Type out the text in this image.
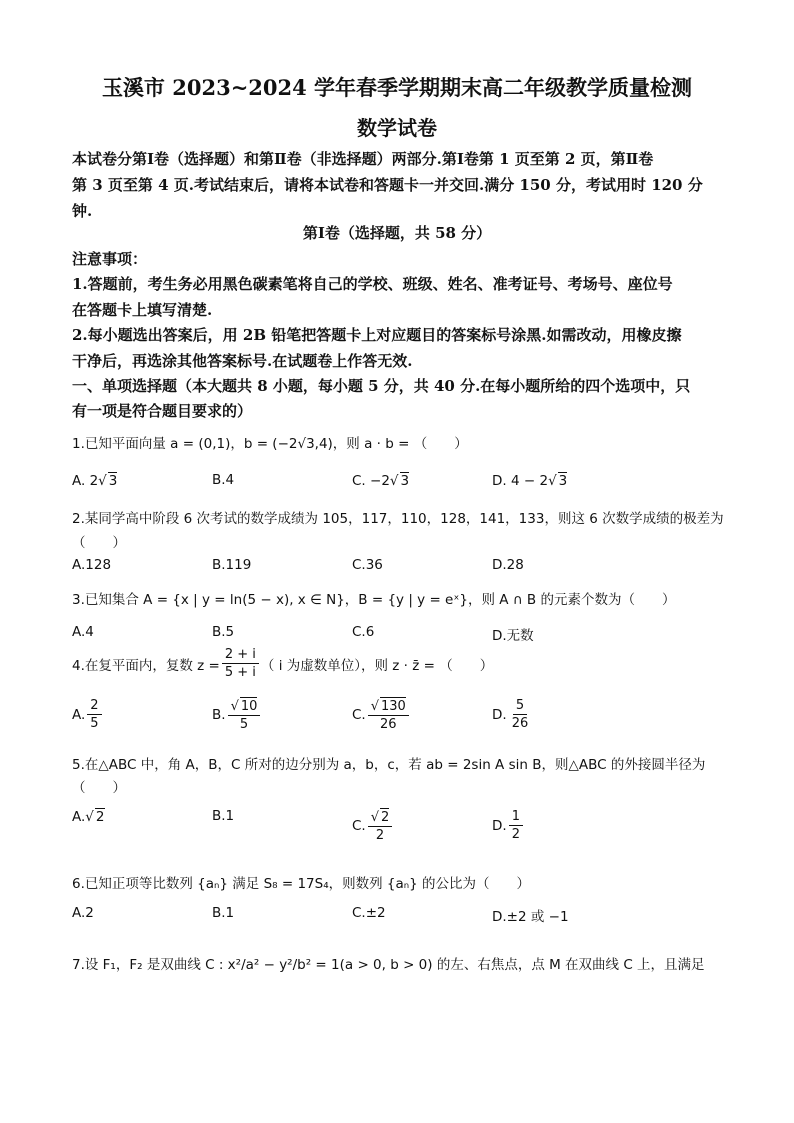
玉溪市 2023~2024 学年春季学期期末高二年级教学质量检测
数学试卷
本试卷分第Ⅰ卷（选择题）和第Ⅱ卷（非选择题）两部分.第Ⅰ卷第 1 页至第 2 页，第Ⅱ卷
第 3 页至第 4 页.考试结束后，请将本试卷和答题卡一并交回.满分 150 分，考试用时 120 分
钟.
第Ⅰ卷（选择题，共 58 分）
注意事项：
1.答题前，考生务必用黑色碳素笔将自己的学校、班级、姓名、准考证号、考场号、座位号
在答题卡上填写清楚.
2.每小题选出答案后，用 2B 铅笔把答题卡上对应题目的答案标号涂黑.如需改动，用橡皮擦
干净后，再选涂其他答案标号.在试题卷上作答无效.
一、单项选择题（本大题共 8 小题，每小题 5 分，共 40 分.在每小题所给的四个选项中，只
有一项是符合题目要求的）
1.已知平面向量 a = (0,1)，b = (−2√3,4)，则 a · b = （　　）
A. 2 √ 3	B.4	C. −2 √ 3	D. 4 − 2 √ 3
2.某同学高中阶段 6 次考试的数学成绩为 105，117，110，128，141，133，则这 6 次数学成绩的极差为
（　　）
A.128	B.119	C.36	D.28
3.已知集合 A = {x | y = ln(5 − x), x ∈ N}，B = {y | y = eˣ}，则 A ∩ B 的元素个数为（　　）
A.4	B.5	C.6	D.无数
4.在复平面内，复数 $z = \frac{2 + i}{5 + i}$ （ i 为虚数单位），则 z · z̄ = （　　）
A. $\frac{2}{5}$	B. $\frac{√ 10}{5}$	C. $\frac{√ 130}{26}$	D. $\frac{5}{26}$
5.在△ABC 中，角 A，B，C 所对的边分别为 a，b，c，若 ab = 2sin A sin B，则△ABC 的外接圆半径为
（　　）
A. √ 2	B.1
C. $\frac{√ 2}{2}$	D. $\frac{1}{2}$
6.已知正项等比数列 {aₙ} 满足 S₈ = 17S₄，则数列 {aₙ} 的公比为（　　）
A.2	B.1	C.±2	D.±2 或 −1
7.设 F₁，F₂ 是双曲线 C : x²/a² − y²/b² = 1(a > 0, b > 0) 的左、右焦点，点 M 在双曲线 C 上，且满足
